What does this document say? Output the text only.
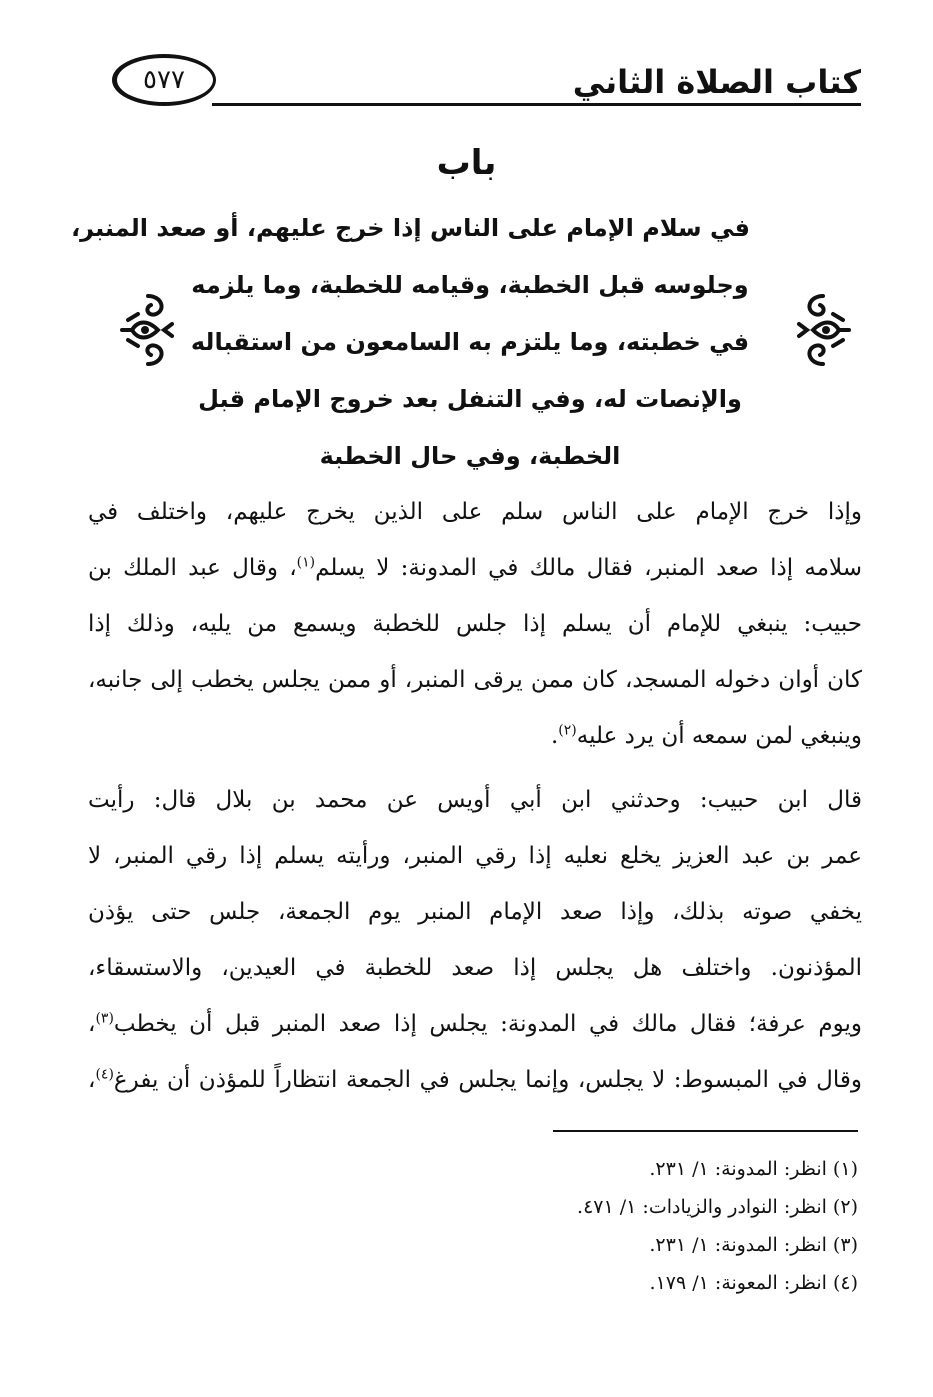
كتاب الصلاة الثاني
٥٧٧
باب
في سلام الإمام على الناس إذا خرج عليهم، أو صعد المنبر،
وجلوسه قبل الخطبة، وقيامه للخطبة، وما يلزمه
في خطبته، وما يلتزم به السامعون من استقباله
والإنصات له، وفي التنفل بعد خروج الإمام قبل
الخطبة، وفي حال الخطبة
وإذا خرج الإمام على الناس سلم على الذين يخرج عليهم، واختلف في
سلامه إذا صعد المنبر، فقال مالك في المدونة: لا يسلم$^{(١)}$، وقال عبد الملك بن
حبيب: ينبغي للإمام أن يسلم إذا جلس للخطبة ويسمع من يليه، وذلك إذا
كان أوان دخوله المسجد، كان ممن يرقى المنبر، أو ممن يجلس يخطب إلى جانبه،
وينبغي لمن سمعه أن يرد عليه$^{(٢)}$.
قال ابن حبيب: وحدثني ابن أبي أويس عن محمد بن بلال قال: رأيت
عمر بن عبد العزيز يخلع نعليه إذا رقي المنبر، ورأيته يسلم إذا رقي المنبر، لا
يخفي صوته بذلك، وإذا صعد الإمام المنبر يوم الجمعة، جلس حتى يؤذن
المؤذنون. واختلف هل يجلس إذا صعد للخطبة في العيدين، والاستسقاء،
ويوم عرفة؛ فقال مالك في المدونة: يجلس إذا صعد المنبر قبل أن يخطب$^{(٣)}$،
وقال في المبسوط: لا يجلس، وإنما يجلس في الجمعة انتظاراً للمؤذن أن يفرغ$^{(٤)}$،
(١) انظر: المدونة: ١/ ٢٣١.
(٢) انظر: النوادر والزيادات: ١/ ٤٧١.
(٣) انظر: المدونة: ١/ ٢٣١.
(٤) انظر: المعونة: ١/ ١٧٩.
